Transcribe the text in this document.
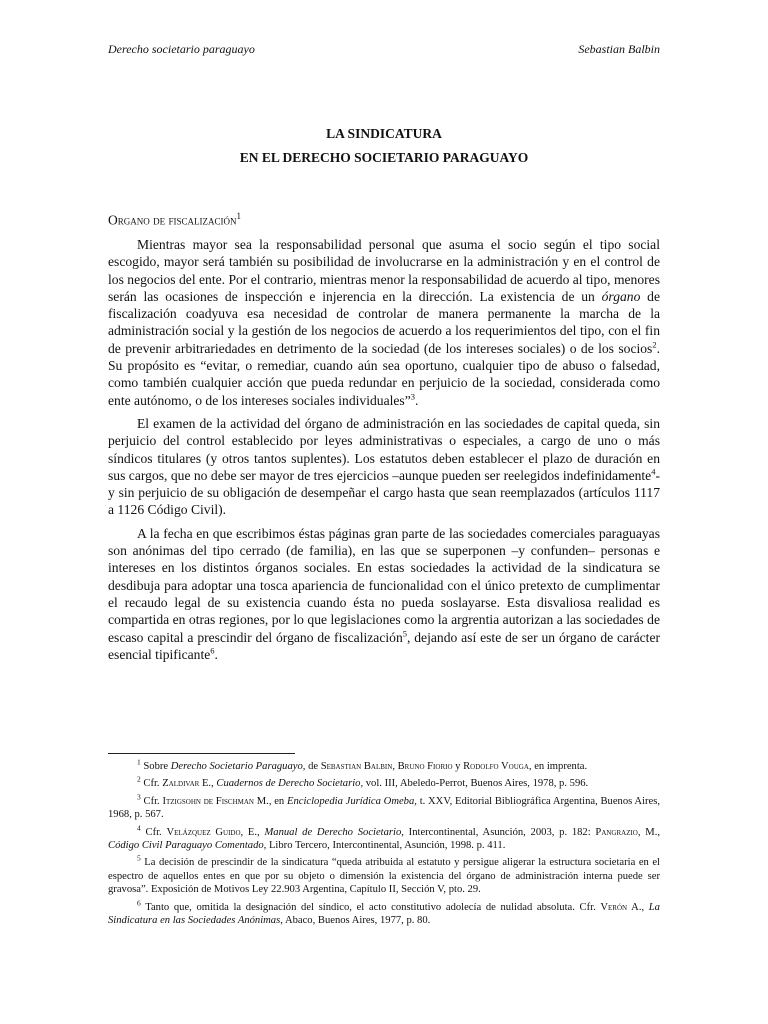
Derecho societario paraguayo	Sebastian Balbin
LA SINDICATURA
EN EL DERECHO SOCIETARIO PARAGUAYO
Organo de fiscalización$^1$

Mientras mayor sea la responsabilidad personal que asuma el socio según el tipo social escogido, mayor será también su posibilidad de involucrarse en la administración y en el control de los negocios del ente. Por el contrario, mientras menor la responsabilidad de acuerdo al tipo, menores serán las ocasiones de inspección e injerencia en la dirección. La existencia de un órgano de fiscalización coadyuva esa necesidad de controlar de manera permanente la marcha de la administración social y la gestión de los negocios de acuerdo a los requerimientos del tipo, con el fin de prevenir arbitrariedades en detrimento de la sociedad (de los intereses sociales) o de los socios$^2$. Su propósito es “evitar, o remediar, cuando aún sea oportuno, cualquier tipo de abuso o falsedad, como también cualquier acción que pueda redundar en perjuicio de la sociedad, considerada como ente autónomo, o de los intereses sociales individuales”$^3$.

El examen de la actividad del órgano de administración en las sociedades de capital queda, sin perjuicio del control establecido por leyes administrativas o especiales, a cargo de uno o más síndicos titulares (y otros tantos suplentes). Los estatutos deben establecer el plazo de duración en sus cargos, que no debe ser mayor de tres ejercicios –aunque pueden ser reelegidos indefinidamente$^4$- y sin perjuicio de su obligación de desempeñar el cargo hasta que sean reemplazados (artículos 1117 a 1126 Código Civil).

A la fecha en que escribimos éstas páginas gran parte de las sociedades comerciales paraguayas son anónimas del tipo cerrado (de familia), en las que se superponen –y confunden– personas e intereses en los distintos órganos sociales. En estas sociedades la actividad de la sindicatura se desdibuja para adoptar una tosca apariencia de funcionalidad con el único pretexto de cumplimentar el recaudo legal de su existencia cuando ésta no pueda soslayarse. Esta disvaliosa realidad es compartida en otras regiones, por lo que legislaciones como la argrentia autorizan a las sociedades de escaso capital a prescindir del órgano de fiscalización$^5$, dejando así este de ser un órgano de carácter esencial tipificante$^6$.

$^1$ Sobre Derecho Societario Paraguayo, de Sebastian Balbin, Bruno Fiorio y Rodolfo Vouga, en imprenta.

$^2$ Cfr. Zaldivar E., Cuadernos de Derecho Societario, vol. III, Abeledo-Perrot, Buenos Aires, 1978, p. 596.

$^3$ Cfr. Itzigsohn de Fischman M., en Enciclopedia Jurídica Omeba, t. XXV, Editorial Bibliográfica Argentina, Buenos Aires, 1968, p. 567.

$^4$ Cfr. Velázquez Guido, E., Manual de Derecho Societario, Intercontinental, Asunción, 2003, p. 182: Pangrazio, M., Código Civil Paraguayo Comentado, Libro Tercero, Intercontinental, Asunción, 1998. p. 411.

$^5$ La decisión de prescindir de la sindicatura “queda atribuida al estatuto y persigue aligerar la estructura societaria en el espectro de aquellos entes en que por su objeto o dimensión la existencia del órgano de administración interna puede ser gravosa”. Exposición de Motivos Ley 22.903 Argentina, Capítulo II, Sección V, pto. 29.

$^6$ Tanto que, omitida la designación del síndico, el acto constitutivo adolecía de nulidad absoluta. Cfr. Verón A., La Sindicatura en las Sociedades Anónimas, Abaco, Buenos Aires, 1977, p. 80.
